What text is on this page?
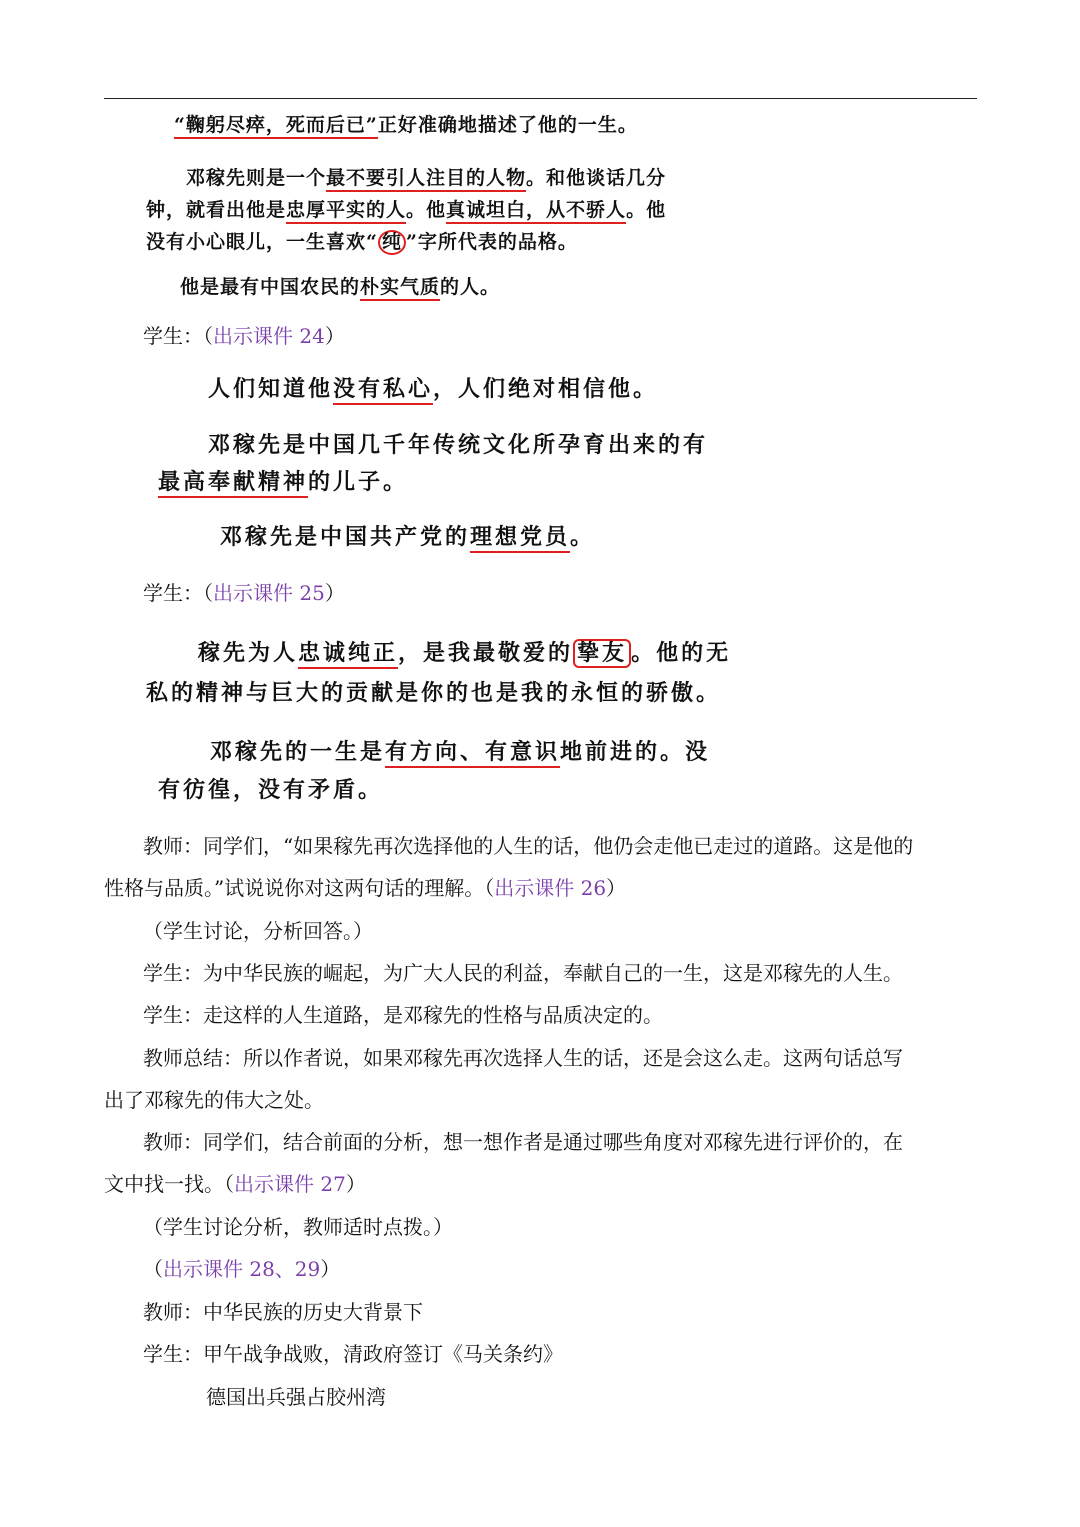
“鞠躬尽瘁，死而后已”正好准确地描述了他的一生。
邓稼先则是一个最不要引人注目的人物。和他谈话几分
钟，就看出他是忠厚平实的人。他真诚坦白，从不骄人。他
没有小心眼儿，一生喜欢“ 纯 ”字所代表的品格。
他是最有中国农民的朴实气质的人。
学生：（出示课件 24）
人们知道他没有私心，人们绝对相信他。
邓稼先是中国几千年传统文化所孕育出来的有
最高奉献精神的儿子。
邓稼先是中国共产党的理想党员。
学生：（出示课件 25）
稼先为人忠诚纯正，是我最敬爱的 挚友 。他的无
私的精神与巨大的贡献是你的也是我的永恒的骄傲。
邓稼先的一生是有方向、有意识地前进的。没
有彷徨，没有矛盾。
教师：同学们，“如果稼先再次选择他的人生的话，他仍会走他已走过的道路。这是他的
性格与品质。”试说说你对这两句话的理解。（出示课件 26）
（学生讨论，分析回答。）
学生：为中华民族的崛起，为广大人民的利益，奉献自己的一生，这是邓稼先的人生。
学生：走这样的人生道路，是邓稼先的性格与品质决定的。
教师总结：所以作者说，如果邓稼先再次选择人生的话，还是会这么走。这两句话总写
出了邓稼先的伟大之处。
教师：同学们，结合前面的分析，想一想作者是通过哪些角度对邓稼先进行评价的，在
文中找一找。（出示课件 27）
（学生讨论分析，教师适时点拨。）
（出示课件 28、29）
教师：中华民族的历史大背景下
学生：甲午战争战败，清政府签订《马关条约》
德国出兵强占胶州湾
